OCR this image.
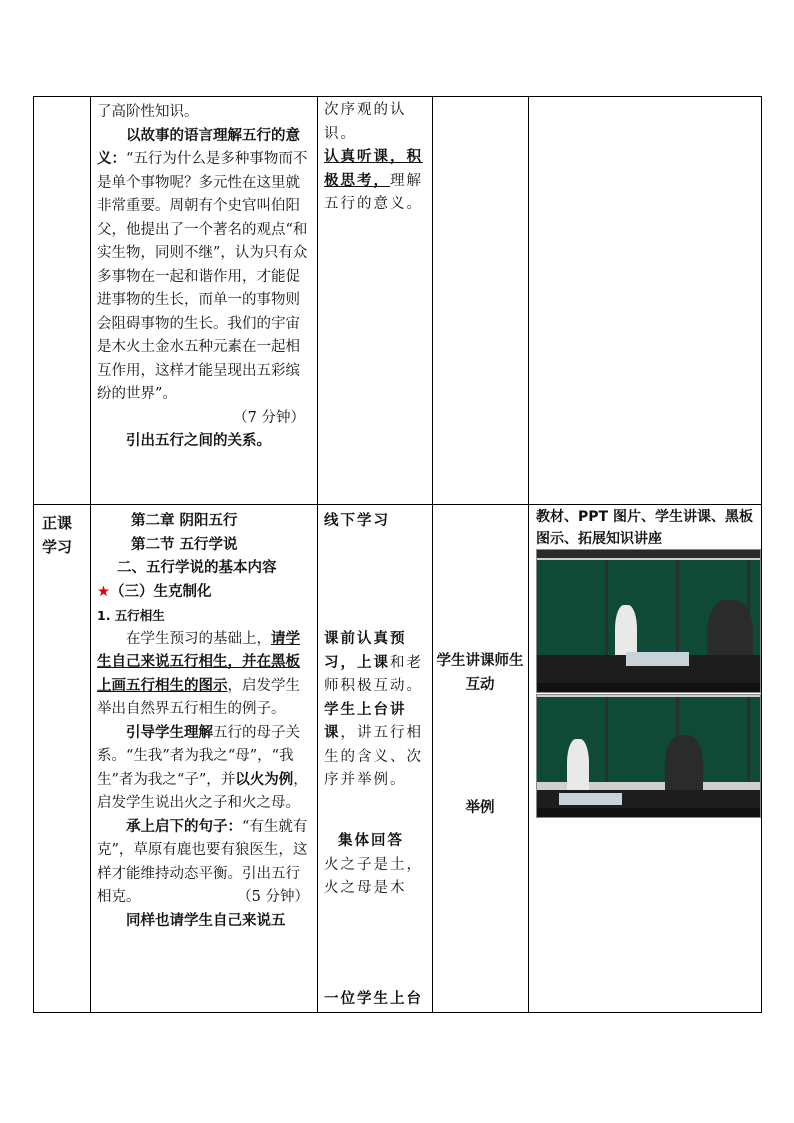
了高阶性知识。

以故事的语言理解五行的意义：“五行为什么是多种事物而不是单个事物呢？多元性在这里就非常重要。周朝有个史官叫伯阳父，他提出了一个著名的观点“和实生物，同则不继”，认为只有众多事物在一起和谐作用，才能促进事物的生长，而单一的事物则会阻碍事物的生长。我们的宇宙是木火土金水五种元素在一起相互作用，这样才能呈现出五彩缤纷的世界”。

（7 分钟）

引出五行之间的关系。

次序观的认识。

认真听课，积极思考，理解五行的意义。

正课学习

第二章 阴阳五行

第二节 五行学说

二、五行学说的基本内容

★（三）生克制化

1. 五行相生

在学生预习的基础上，请学生自己来说五行相生，并在黑板上画五行相生的图示，启发学生举出自然界五行相生的例子。

引导学生理解五行的母子关系。“生我”者为我之“母”，“我生”者为我之“子”，并以火为例，启发学生说出火之子和火之母。

承上启下的句子：“有生就有克”，草原有鹿也要有狼医生，这样才能维持动态平衡。引出五行相克。	（5 分钟）

同样也请学生自己来说五

线下学习

课前认真预习，上课和老师积极互动。

学生上台讲课，讲五行相生的含义、次序并举例。

集体回答

火之子是土，火之母是木

一位学生上台

学生讲课师生互动
举例
教材、PPT 图片、学生讲课、黑板图示、拓展知识讲座
